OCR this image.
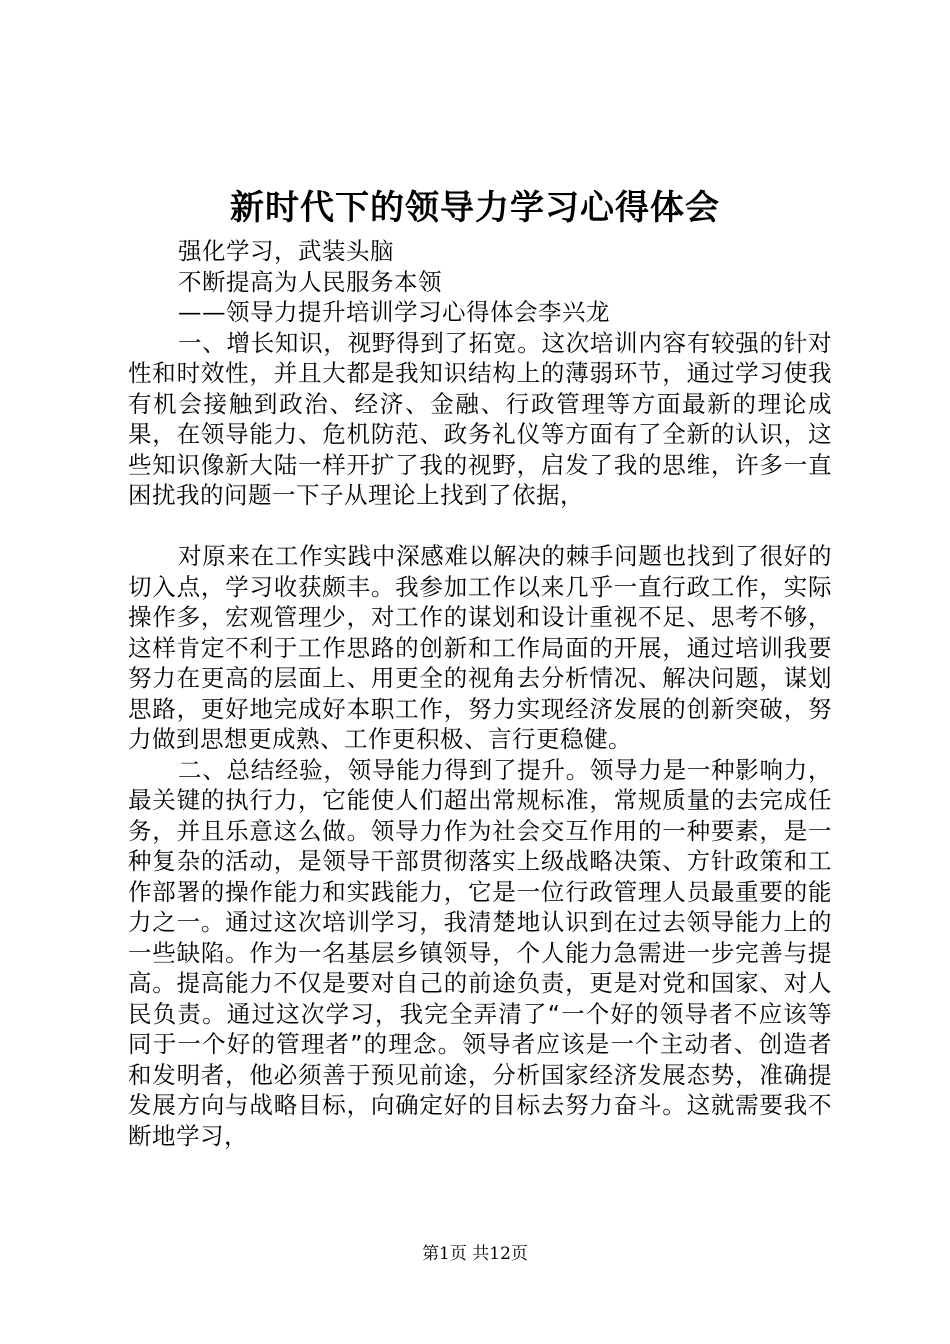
新时代下的领导力学习心得体会
强化学习，武装头脑
不断提高为人民服务本领
——领导力提升培训学习心得体会李兴龙

一、增长知识，视野得到了拓宽。这次培训内容有较强的针对性和时效性，并且大都是我知识结构上的薄弱环节，通过学习使我有机会接触到政治、经济、金融、行政管理等方面最新的理论成果，在领导能力、危机防范、政务礼仪等方面有了全新的认识，这些知识像新大陆一样开扩了我的视野，启发了我的思维，许多一直困扰我的问题一下子从理论上找到了依据，

对原来在工作实践中深感难以解决的棘手问题也找到了很好的切入点，学习收获颇丰。我参加工作以来几乎一直行政工作，实际操作多，宏观管理少，对工作的谋划和设计重视不足、思考不够，这样肯定不利于工作思路的创新和工作局面的开展，通过培训我要努力在更高的层面上、用更全的视角去分析情况、解决问题，谋划思路，更好地完成好本职工作，努力实现经济发展的创新突破，努力做到思想更成熟、工作更积极、言行更稳健。

二、总结经验，领导能力得到了提升。领导力是一种影响力，最关键的执行力，它能使人们超出常规标准，常规质量的去完成任务，并且乐意这么做。领导力作为社会交互作用的一种要素，是一种复杂的活动，是领导干部贯彻落实上级战略决策、方针政策和工作部署的操作能力和实践能力，它是一位行政管理人员最重要的能力之一。通过这次培训学习，我清楚地认识到在过去领导能力上的一些缺陷。作为一名基层乡镇领导，个人能力急需进一步完善与提高。提高能力不仅是要对自己的前途负责，更是对党和国家、对人民负责。通过这次学习，我完全弄清了“一个好的领导者不应该等同于一个好的管理者”的理念。领导者应该是一个主动者、创造者和发明者，他必须善于预见前途，分析国家经济发展态势，准确提发展方向与战略目标，向确定好的目标去努力奋斗。这就需要我不断地学习，

第1页 共12页
